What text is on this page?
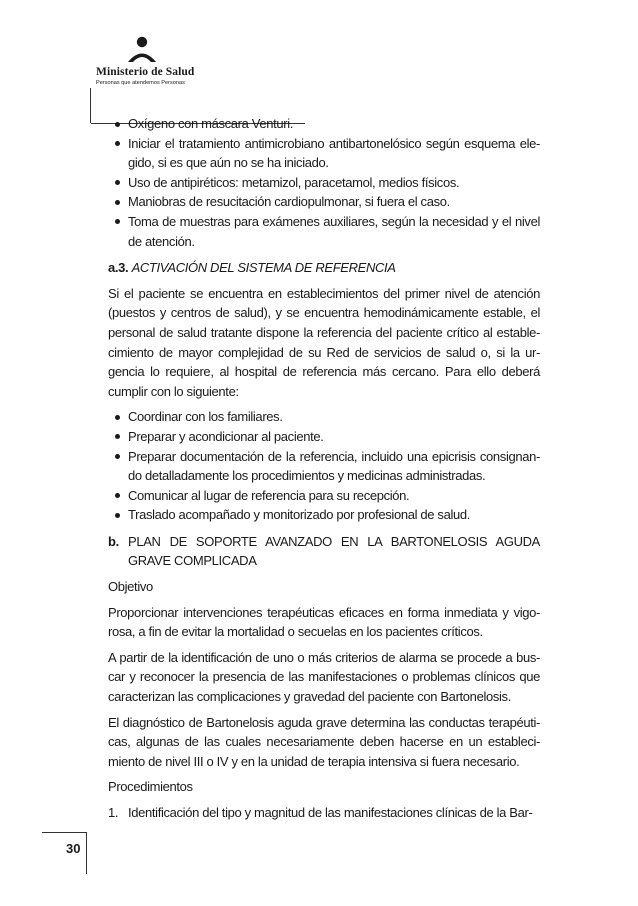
Ministerio de Salud
Personas que atendemos Personas
Oxígeno con máscara Venturi.
Iniciar el tratamiento antimicrobiano antibartonelósico según esquema ele-gido, si es que aún no se ha iniciado.
Uso de antipiréticos: metamizol, paracetamol, medios físicos.
Maniobras de resucitación cardiopulmonar, si fuera el caso.
Toma de muestras para exámenes auxiliares, según la necesidad y el nivel de atención.

a.3. ACTIVACIÓN DEL SISTEMA DE REFERENCIA

Si el paciente se encuentra en establecimientos del primer nivel de atención (puestos y centros de salud), y se encuentra hemodinámicamente estable, el personal de salud tratante dispone la referencia del paciente crítico al estable-cimiento de mayor complejidad de su Red de servicios de salud o, si la ur-gencia lo requiere, al hospital de referencia más cercano. Para ello deberá cumplir con lo siguiente:

Coordinar con los familiares.
Preparar y acondicionar al paciente.
Preparar documentación de la referencia, incluido una epicrisis consignan-do detalladamente los procedimientos y medicinas administradas.
Comunicar al lugar de referencia para su recepción.
Traslado acompañado y monitorizado por profesional de salud.
b. PLAN DE SOPORTE AVANZADO EN LA BARTONELOSIS AGUDA GRAVE COMPLICADA

Objetivo

Proporcionar intervenciones terapéuticas eficaces en forma inmediata y vigo-rosa, a fin de evitar la mortalidad o secuelas en los pacientes críticos.

A partir de la identificación de uno o más criterios de alarma se procede a bus-car y reconocer la presencia de las manifestaciones o problemas clínicos que caracterizan las complicaciones y gravedad del paciente con Bartonelosis.

El diagnóstico de Bartonelosis aguda grave determina las conductas terapéuti-cas, algunas de las cuales necesariamente deben hacerse en un estableci-miento de nivel III o IV y en la unidad de terapia intensiva si fuera necesario.

Procedimientos

1. Identificación del tipo y magnitud de las manifestaciones clínicas de la Bar-
30
